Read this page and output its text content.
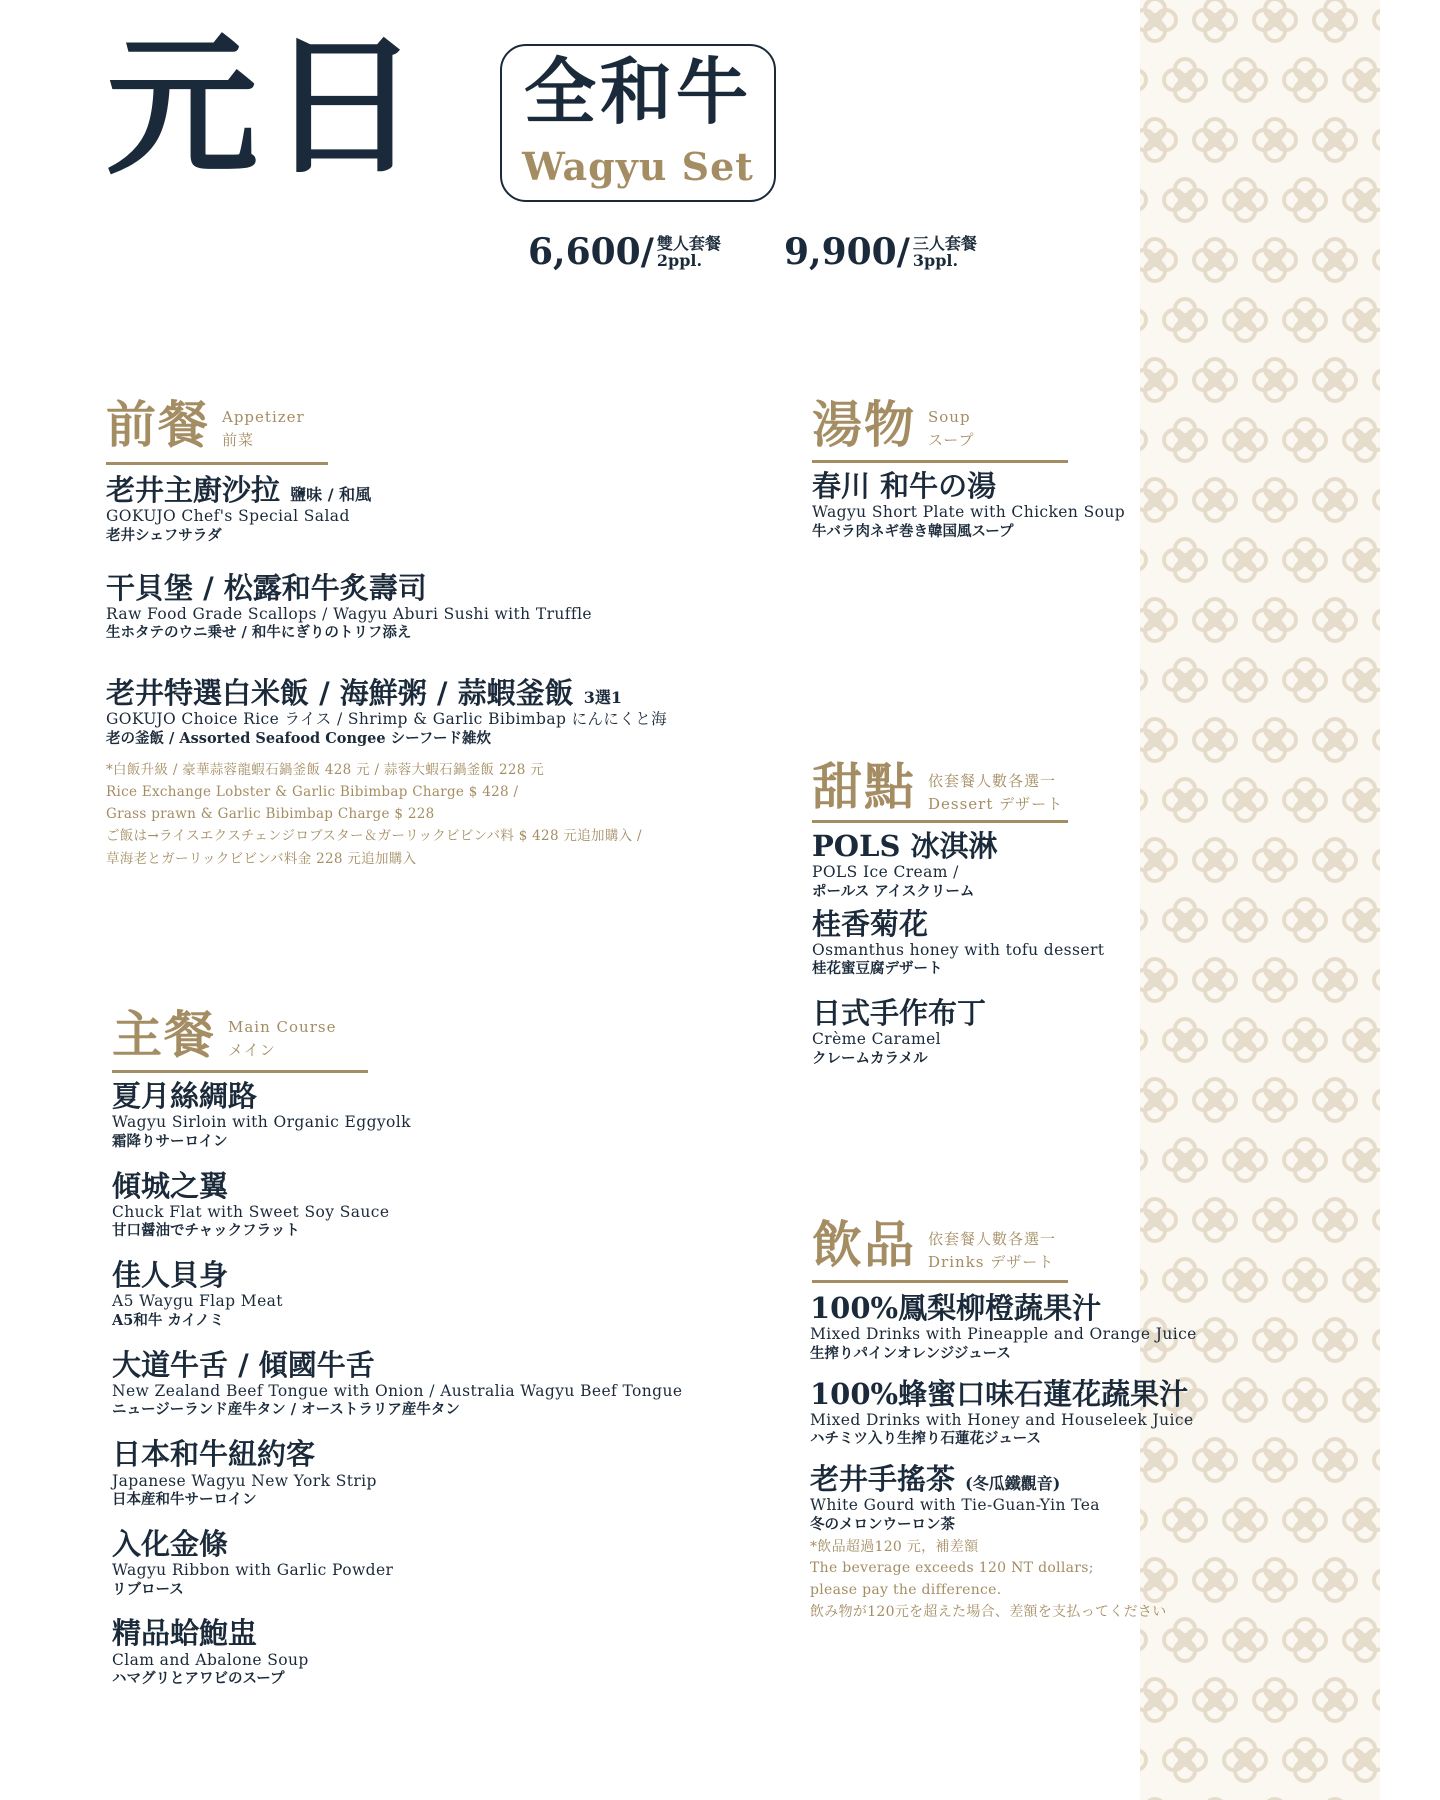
元日	全和牛
Wagyu Set
6,600/ 雙人套餐
2ppl.	9,900/ 三人套餐
3ppl.
前餐 Appetizer
前菜
老井主廚沙拉 鹽味 / 和風
GOKUJO Chef's Special Salad
老井シェフサラダ
干貝堡 / 松露和牛炙壽司
Raw Food Grade Scallops / Wagyu Aburi Sushi with Truffle
生ホタテのウニ乗せ / 和牛にぎりのトリフ添え
老井特選白米飯 / 海鮮粥 / 蒜蝦釜飯 3選1
GOKUJO Choice Rice ライス / Shrimp & Garlic Bibimbap にんにくと海
老の釜飯 / Assorted Seafood Congee シーフード雑炊
*白飯升級 / 豪華蒜蓉龍蝦石鍋釜飯 428 元 / 蒜蓉大蝦石鍋釜飯 228 元
Rice Exchange Lobster & Garlic Bibimbap Charge $ 428 /
Grass prawn & Garlic Bibimbap Charge $ 228
ご飯は→ライスエクスチェンジロブスター＆ガーリックビビンバ料 $ 428 元追加購入 /
草海老とガーリックビビンバ料金 228 元追加購入
主餐 Main Course
メイン
夏月絲綢路
Wagyu Sirloin with Organic Eggyolk
霜降りサーロイン
傾城之翼
Chuck Flat with Sweet Soy Sauce
甘口醤油でチャックフラット
佳人貝身
A5 Waygu Flap Meat
A5和牛 カイノミ
大道牛舌 / 傾國牛舌
New Zealand Beef Tongue with Onion / Australia Wagyu Beef Tongue
ニュージーランド産牛タン / オーストラリア産牛タン
日本和牛紐約客
Japanese Wagyu New York Strip
日本産和牛サーロイン
入化金條
Wagyu Ribbon with Garlic Powder
リブロース
精品蛤鮑盅
Clam and Abalone Soup
ハマグリとアワビのスープ
湯物 Soup
スープ
春川 和牛の湯
Wagyu Short Plate with Chicken Soup
牛バラ肉ネギ巻き韓国風スープ
甜點 依套餐人數各選一
Dessert デザート
POLS 冰淇淋
POLS Ice Cream /
ポールス アイスクリーム
桂香菊花
Osmanthus honey with tofu dessert
桂花蜜豆腐デザート
日式手作布丁
Crème Caramel
クレームカラメル
飲品 依套餐人數各選一
Drinks デザート
100%鳳梨柳橙蔬果汁
Mixed Drinks with Pineapple and Orange Juice
生搾りパインオレンジジュース
100%蜂蜜口味石蓮花蔬果汁
Mixed Drinks with Honey and Houseleek Juice
ハチミツ入り生搾り石蓮花ジュース
老井手搖茶 (冬瓜鐵觀音)
White Gourd with Tie-Guan-Yin Tea
冬のメロンウーロン茶
*飲品超過120 元，補差額
The beverage exceeds 120 NT dollars;
please pay the difference.
飲み物が120元を超えた場合、差額を支払ってください
